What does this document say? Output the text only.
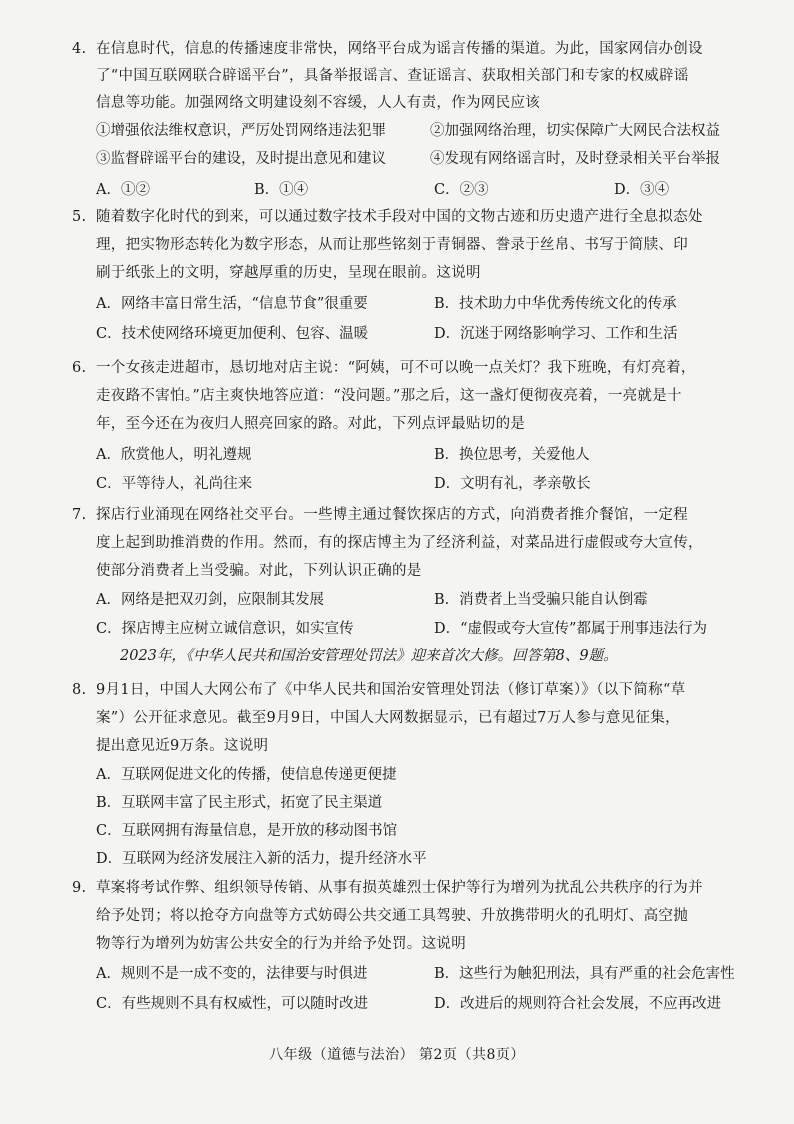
4. 在信息时代，信息的传播速度非常快，网络平台成为谣言传播的渠道。为此，国家网信办创设
了“中国互联网联合辟谣平台”，具备举报谣言、查证谣言、获取相关部门和专家的权威辟谣
信息等功能。加强网络文明建设刻不容缓，人人有责，作为网民应该
①增强依法维权意识，严厉处罚网络违法犯罪	②加强网络治理，切实保障广大网民合法权益
③监督辟谣平台的建设，及时提出意见和建议	④发现有网络谣言时，及时登录相关平台举报
A．①②	B．①④	C．②③	D．③④
5. 随着数字化时代的到来，可以通过数字技术手段对中国的文物古迹和历史遗产进行全息拟态处
理，把实物形态转化为数字形态，从而让那些铭刻于青铜器、誊录于丝帛、书写于简牍、印
刷于纸张上的文明，穿越厚重的历史，呈现在眼前。这说明
A．网络丰富日常生活，“信息节食”很重要	B．技术助力中华优秀传统文化的传承
C．技术使网络环境更加便利、包容、温暖	D．沉迷于网络影响学习、工作和生活
6. 一个女孩走进超市，恳切地对店主说：“阿姨，可不可以晚一点关灯？我下班晚，有灯亮着，
走夜路不害怕。”店主爽快地答应道：“没问题。”那之后，这一盏灯便彻夜亮着，一亮就是十
年，至今还在为夜归人照亮回家的路。对此，下列点评最贴切的是
A．欣赏他人，明礼遵规	B．换位思考，关爱他人
C．平等待人，礼尚往来	D．文明有礼，孝亲敬长
7. 探店行业涌现在网络社交平台。一些博主通过餐饮探店的方式，向消费者推介餐馆，一定程
度上起到助推消费的作用。然而，有的探店博主为了经济利益，对菜品进行虚假或夸大宣传，
使部分消费者上当受骗。对此，下列认识正确的是
A．网络是把双刃剑，应限制其发展	B．消费者上当受骗只能自认倒霉
C．探店博主应树立诚信意识，如实宣传	D．“虚假或夸大宣传”都属于刑事违法行为
2023年，《中华人民共和国治安管理处罚法》迎来首次大修。回答第8、9题。
8. 9月1日，中国人大网公布了《中华人民共和国治安管理处罚法（修订草案）》（以下简称“草
案”）公开征求意见。截至9月9日，中国人大网数据显示，已有超过7万人参与意见征集，
提出意见近9万条。这说明
A．互联网促进文化的传播，使信息传递更便捷
B．互联网丰富了民主形式，拓宽了民主渠道
C．互联网拥有海量信息，是开放的移动图书馆
D．互联网为经济发展注入新的活力，提升经济水平
9. 草案将考试作弊、组织领导传销、从事有损英雄烈士保护等行为增列为扰乱公共秩序的行为并
给予处罚；将以抢夺方向盘等方式妨碍公共交通工具驾驶、升放携带明火的孔明灯、高空抛
物等行为增列为妨害公共安全的行为并给予处罚。这说明
A．规则不是一成不变的，法律要与时俱进	B．这些行为触犯刑法，具有严重的社会危害性
C．有些规则不具有权威性，可以随时改进	D．改进后的规则符合社会发展，不应再改进
八年级（道德与法治） 第2页（共8页）
